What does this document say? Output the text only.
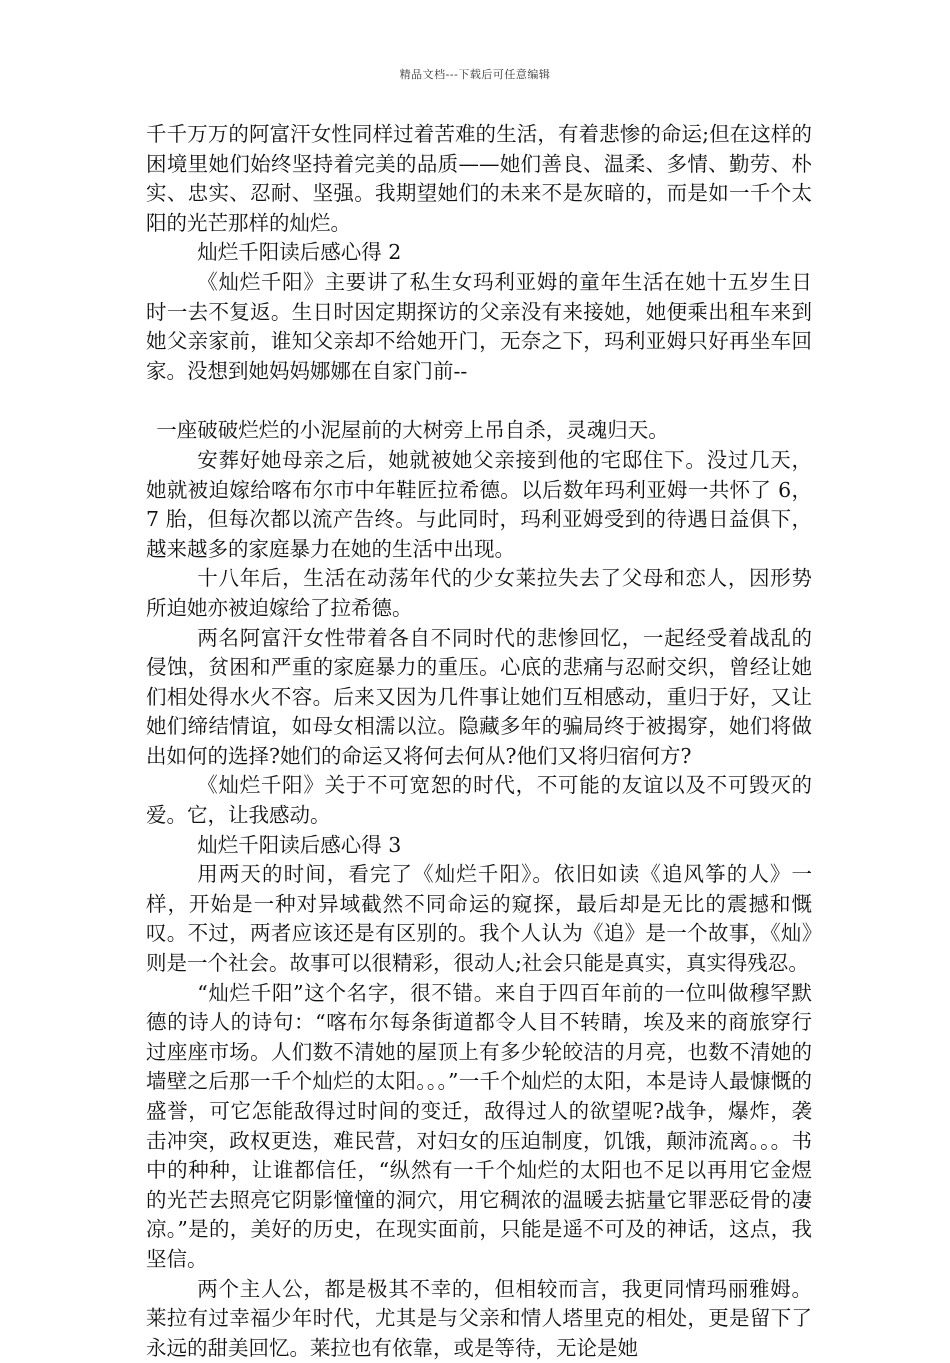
精品文档---下载后可任意编辑

千千万万的阿富汗女性同样过着苦难的生活，有着悲惨的命运;但在这样的困境里她们始终坚持着完美的品质——她们善良、温柔、多情、勤劳、朴实、忠实、忍耐、坚强。我期望她们的未来不是灰暗的，而是如一千个太阳的光芒那样的灿烂。

灿烂千阳读后感心得 2

《灿烂千阳》主要讲了私生女玛利亚姆的童年生活在她十五岁生日时一去不复返。生日时因定期探访的父亲没有来接她，她便乘出租车来到她父亲家前，谁知父亲却不给她开门，无奈之下，玛利亚姆只好再坐车回家。没想到她妈妈娜娜在自家门前--

一座破破烂烂的小泥屋前的大树旁上吊自杀，灵魂归天。

安葬好她母亲之后，她就被她父亲接到他的宅邸住下。没过几天，她就被迫嫁给喀布尔市中年鞋匠拉希德。以后数年玛利亚姆一共怀了 6，7 胎，但每次都以流产告终。与此同时，玛利亚姆受到的待遇日益俱下，越来越多的家庭暴力在她的生活中出现。

十八年后，生活在动荡年代的少女莱拉失去了父母和恋人，因形势所迫她亦被迫嫁给了拉希德。

两名阿富汗女性带着各自不同时代的悲惨回忆，一起经受着战乱的侵蚀，贫困和严重的家庭暴力的重压。心底的悲痛与忍耐交织，曾经让她们相处得水火不容。后来又因为几件事让她们互相感动，重归于好，又让她们缔结情谊，如母女相濡以泣。隐藏多年的骗局终于被揭穿，她们将做出如何的选择?她们的命运又将何去何从?他们又将归宿何方?

《灿烂千阳》关于不可宽恕的时代，不可能的友谊以及不可毁灭的爱。它，让我感动。

灿烂千阳读后感心得 3

用两天的时间，看完了《灿烂千阳》。依旧如读《追风筝的人》一样，开始是一种对异域截然不同命运的窥探，最后却是无比的震撼和慨叹。不过，两者应该还是有区别的。我个人认为《追》是一个故事，《灿》则是一个社会。故事可以很精彩，很动人;社会只能是真实，真实得残忍。

“灿烂千阳”这个名字，很不错。来自于四百年前的一位叫做穆罕默德的诗人的诗句：“喀布尔每条街道都令人目不转睛，埃及来的商旅穿行过座座市场。人们数不清她的屋顶上有多少轮皎洁的月亮，也数不清她的墙壁之后那一千个灿烂的太阳。。。”一千个灿烂的太阳，本是诗人最慷慨的盛誉，可它怎能敌得过时间的变迁，敌得过人的欲望呢?战争，爆炸，袭击冲突，政权更迭，难民营，对妇女的压迫制度，饥饿，颠沛流离。。。书中的种种，让谁都信任，“纵然有一千个灿烂的太阳也不足以再用它金煜的光芒去照亮它阴影憧憧的洞穴，用它稠浓的温暖去掂量它罪恶砭骨的凄凉。”是的，美好的历史，在现实面前，只能是遥不可及的神话，这点，我坚信。

两个主人公，都是极其不幸的，但相较而言，我更同情玛丽雅姆。莱拉有过幸福少年时代，尤其是与父亲和情人塔里克的相处，更是留下了永远的甜美回忆。莱拉也有依靠，或是等待，无论是她
